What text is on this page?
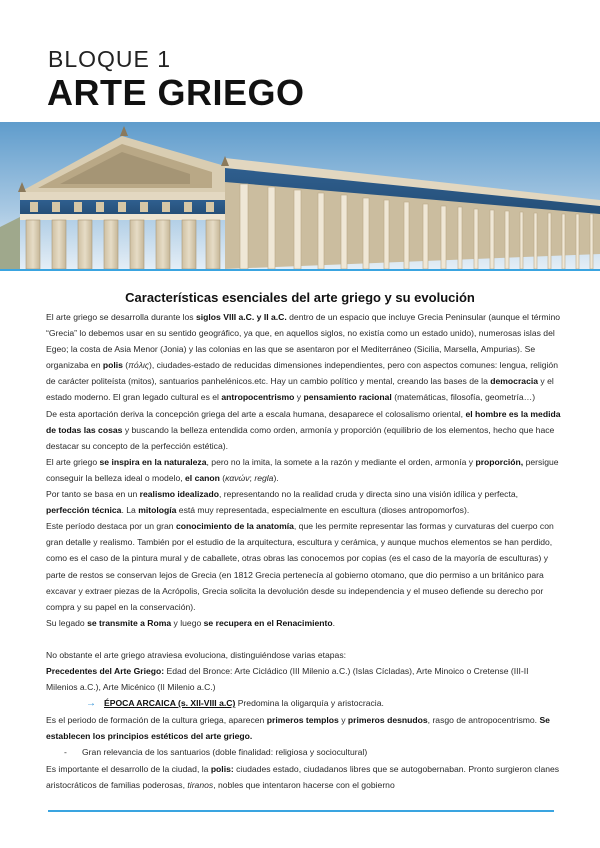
BLOQUE 1
ARTE GRIEGO
Características esenciales del arte griego y su evolución

El arte griego se desarrolla durante los siglos VIII a.C. y II a.C. dentro de un espacio que incluye Grecia Peninsular (aunque el término “Grecia” lo debemos usar en su sentido geográfico, ya que, en aquellos siglos, no existía como un estado unido), numerosas islas del Egeo; la costa de Asia Menor (Jonia) y las colonias en las que se asentaron por el Mediterráneo (Sicilia, Marsella, Ampurias). Se organizaba en polis (πόλις), ciudades-estado de reducidas dimensiones independientes, pero con aspectos comunes: lengua, religión de carácter politeísta (mitos), santuarios panhelénicos.etc. Hay un cambio político y mental, creando las bases de la democracia y el estado moderno. El gran legado cultural es el antropocentrismo y pensamiento racional (matemáticas, filosofía, geometría…)

De esta aportación deriva la concepción griega del arte a escala humana, desaparece el colosalismo oriental, el hombre es la medida de todas las cosas y buscando la belleza entendida como orden, armonía y proporción (equilibrio de los elementos, hecho que hace destacar su concepto de la perfección estética).

El arte griego se inspira en la naturaleza, pero no la imita, la somete a la razón y mediante el orden, armonía y proporción, persigue conseguir la belleza ideal o modelo, el canon (κανών; regla).

Por tanto se basa en un realismo idealizado, representando no la realidad cruda y directa sino una visión idílica y perfecta, perfección técnica. La mitología está muy representada, especialmente en escultura (dioses antropomorfos).

Este período destaca por un gran conocimiento de la anatomía, que les permite representar las formas y curvaturas del cuerpo con gran detalle y realismo. También por el estudio de la arquitectura, escultura y cerámica, y aunque muchos elementos se han perdido, como es el caso de la pintura mural y de caballete, otras obras las conocemos por copias (es el caso de la mayoría de esculturas) y parte de restos se conservan lejos de Grecia (en 1812 Grecia pertenecía al gobierno otomano, que dio permiso a un británico para excavar y extraer piezas de la Acrópolis, Grecia solicita la devolución desde su independencia y el museo defiende su derecho por compra y su papel en la conservación).

Su legado se transmite a Roma y luego se recupera en el Renacimiento.

No obstante el arte griego atraviesa evoluciona, distinguiéndose varias etapas:

Precedentes del Arte Griego: Edad del Bronce: Arte Cicládico (III Milenio a.C.) (Islas Cícladas), Arte Minoico o Cretense (III-II Milenios a.C.), Arte Micénico (II Milenio a.C.)

→ ÉPOCA ARCAICA (s. XII-VIII a.C) Predomina la oligarquía y aristocracia.

Es el periodo de formación de la cultura griega, aparecen primeros templos y primeros desnudos, rasgo de antropocentrismo. Se establecen los principios estéticos del arte griego.

- Gran relevancia de los santuarios (doble finalidad: religiosa y sociocultural)

Es importante el desarrollo de la ciudad, la polis: ciudades estado, ciudadanos libres que se autogobernaban. Pronto surgieron clanes aristocráticos de familias poderosas, tiranos, nobles que intentaron hacerse con el gobierno
